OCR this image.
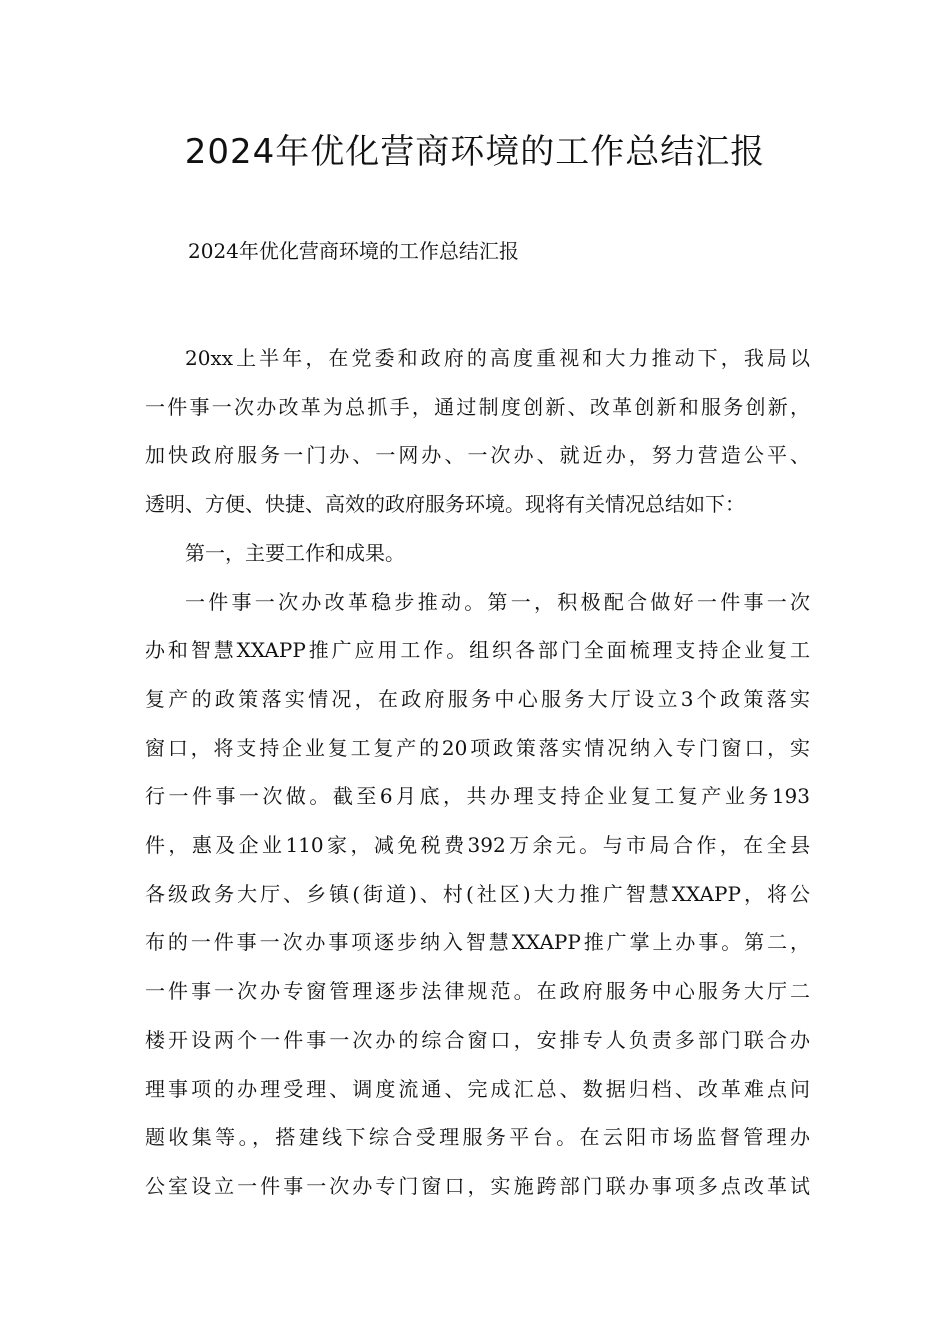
2024年优化营商环境的工作总结汇报

2024年优化营商环境的工作总结汇报

20xx上半年，在党委和政府的高度重视和大力推动下，我局以
一件事一次办改革为总抓手，通过制度创新、改革创新和服务创新，
加快政府服务一门办、一网办、一次办、就近办，努力营造公平、
透明、方便、快捷、高效的政府服务环境。现将有关情况总结如下：
第一，主要工作和成果。
一件事一次办改革稳步推动。第一，积极配合做好一件事一次
办和智慧XXAPP推广应用工作。组织各部门全面梳理支持企业复工
复产的政策落实情况，在政府服务中心服务大厅设立3个政策落实
窗口，将支持企业复工复产的20项政策落实情况纳入专门窗口，实
行一件事一次做。截至6月底，共办理支持企业复工复产业务193
件，惠及企业110家，减免税费392万余元。与市局合作，在全县
各级政务大厅、乡镇(街道)、村(社区)大力推广智慧XXAPP，将公
布的一件事一次办事项逐步纳入智慧XXAPP推广掌上办事。第二，
一件事一次办专窗管理逐步法律规范。在政府服务中心服务大厅二
楼开设两个一件事一次办的综合窗口，安排专人负责多部门联合办
理事项的办理受理、调度流通、完成汇总、数据归档、改革难点问
题收集等。，搭建线下综合受理服务平台。在云阳市场监督管理办
公室设立一件事一次办专门窗口，实施跨部门联办事项多点改革试
